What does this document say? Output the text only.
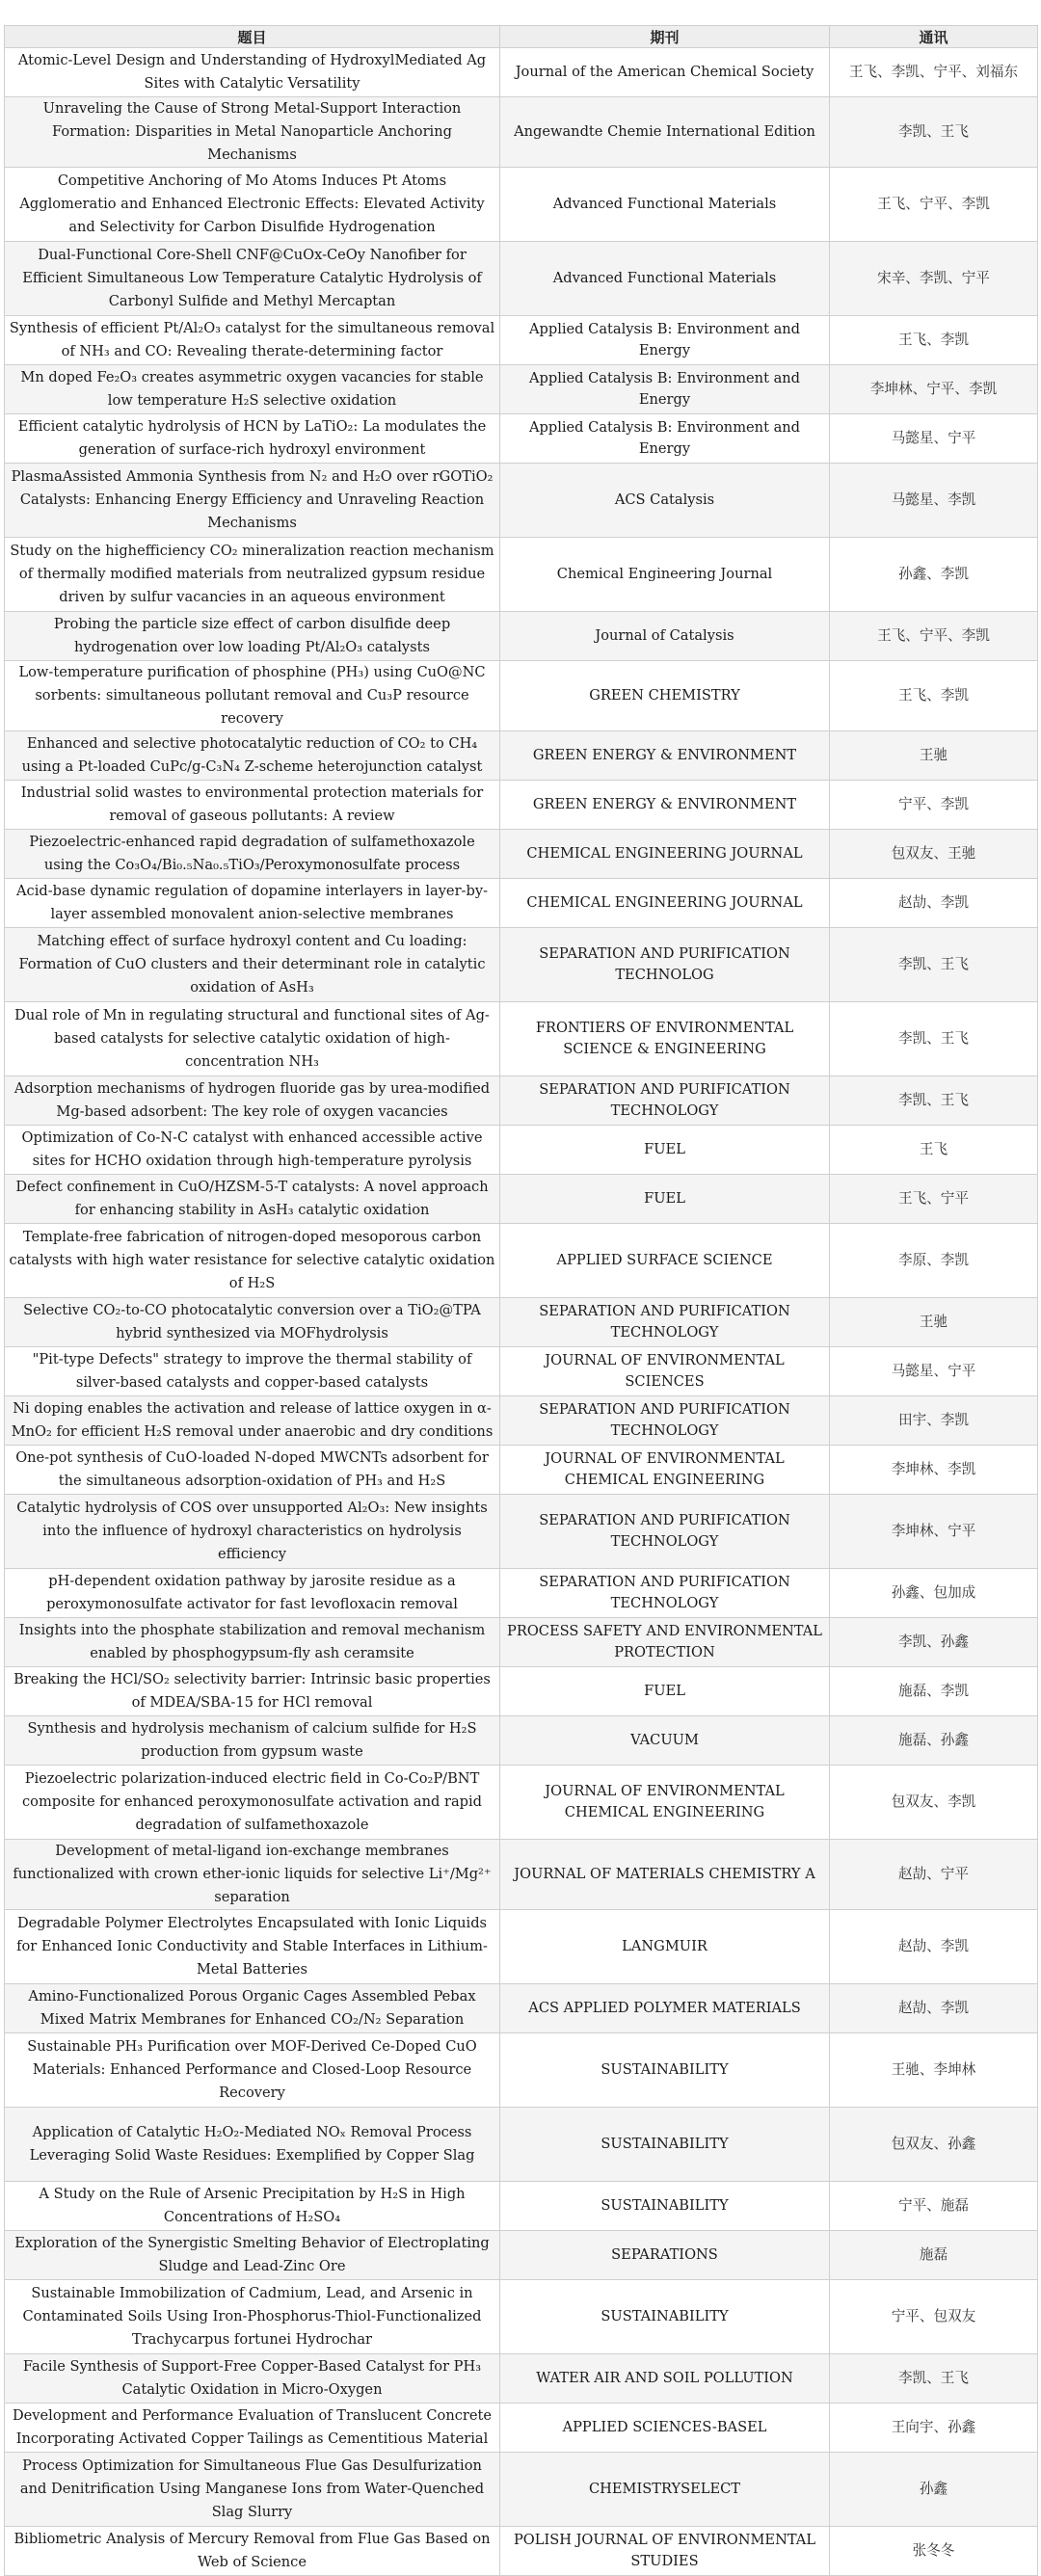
题目	期刊	通讯
Atomic-Level Design and Understanding of HydroxylMediated Ag Sites with Catalytic Versatility	Journal of the American Chemical Society	王飞、李凯、宁平、刘福东
Unraveling the Cause of Strong Metal-Support Interaction Formation: Disparities in Metal Nanoparticle Anchoring Mechanisms	Angewandte Chemie International Edition	李凯、王飞
Competitive Anchoring of Mo Atoms Induces Pt Atoms Agglomeratio and Enhanced Electronic Effects: Elevated Activity and Selectivity for Carbon Disulfide Hydrogenation	Advanced Functional Materials	王飞、宁平、李凯
Dual-Functional Core-Shell CNF@CuOx-CeOy Nanofiber for Efficient Simultaneous Low Temperature Catalytic Hydrolysis of Carbonyl Sulfide and Methyl Mercaptan	Advanced Functional Materials	宋辛、李凯、宁平
Synthesis of efficient Pt/Al₂O₃ catalyst for the simultaneous removal of NH₃ and CO: Revealing therate-determining factor	Applied Catalysis B: Environment and Energy	王飞、李凯
Mn doped Fe₂O₃ creates asymmetric oxygen vacancies for stable low temperature H₂S selective oxidation	Applied Catalysis B: Environment and Energy	李坤林、宁平、李凯
Efficient catalytic hydrolysis of HCN by LaTiO₂: La modulates the generation of surface-rich hydroxyl environment	Applied Catalysis B: Environment and Energy	马懿星、宁平
PlasmaAssisted Ammonia Synthesis from N₂ and H₂O over rGOTiO₂ Catalysts: Enhancing Energy Efficiency and Unraveling Reaction Mechanisms	ACS Catalysis	马懿星、李凯
Study on the highefficiency CO₂ mineralization reaction mechanism of thermally modified materials from neutralized gypsum residue driven by sulfur vacancies in an aqueous environment	Chemical Engineering Journal	孙鑫、李凯
Probing the particle size effect of carbon disulfide deep hydrogenation over low loading Pt/Al₂O₃ catalysts	Journal of Catalysis	王飞、宁平、李凯
Low-temperature purification of phosphine (PH₃) using CuO@NC sorbents: simultaneous pollutant removal and Cu₃P resource recovery	GREEN CHEMISTRY	王飞、李凯
Enhanced and selective photocatalytic reduction of CO₂ to CH₄ using a Pt-loaded CuPc/g-C₃N₄ Z-scheme heterojunction catalyst	GREEN ENERGY & ENVIRONMENT	王驰
Industrial solid wastes to environmental protection materials for removal of gaseous pollutants: A review	GREEN ENERGY & ENVIRONMENT	宁平、李凯
Piezoelectric-enhanced rapid degradation of sulfamethoxazole using the Co₃O₄/Bi₀.₅Na₀.₅TiO₃/Peroxymonosulfate process	CHEMICAL ENGINEERING JOURNAL	包双友、王驰
Acid-base dynamic regulation of dopamine interlayers in layer-by-layer assembled monovalent anion-selective membranes	CHEMICAL ENGINEERING JOURNAL	赵劼、李凯
Matching effect of surface hydroxyl content and Cu loading: Formation of CuO clusters and their determinant role in catalytic oxidation of AsH₃	SEPARATION AND PURIFICATION TECHNOLOG	李凯、王飞
Dual role of Mn in regulating structural and functional sites of Ag-based catalysts for selective catalytic oxidation of high-concentration NH₃	FRONTIERS OF ENVIRONMENTAL SCIENCE & ENGINEERING	李凯、王飞
Adsorption mechanisms of hydrogen fluoride gas by urea-modified Mg-based adsorbent: The key role of oxygen vacancies	SEPARATION AND PURIFICATION TECHNOLOGY	李凯、王飞
Optimization of Co-N-C catalyst with enhanced accessible active sites for HCHO oxidation through high-temperature pyrolysis	FUEL	王飞
Defect confinement in CuO/HZSM-5-T catalysts: A novel approach for enhancing stability in AsH₃ catalytic oxidation	FUEL	王飞、宁平
Template-free fabrication of nitrogen-doped mesoporous carbon catalysts with high water resistance for selective catalytic oxidation of H₂S	APPLIED SURFACE SCIENCE	李原、李凯
Selective CO₂-to-CO photocatalytic conversion over a TiO₂@TPA hybrid synthesized via MOFhydrolysis	SEPARATION AND PURIFICATION TECHNOLOGY	王驰
"Pit-type Defects" strategy to improve the thermal stability of silver-based catalysts and copper-based catalysts	JOURNAL OF ENVIRONMENTAL SCIENCES	马懿星、宁平
Ni doping enables the activation and release of lattice oxygen in α-MnO₂ for efficient H₂S removal under anaerobic and dry conditions	SEPARATION AND PURIFICATION TECHNOLOGY	田宇、李凯
One-pot synthesis of CuO-loaded N-doped MWCNTs adsorbent for the simultaneous adsorption-oxidation of PH₃ and H₂S	JOURNAL OF ENVIRONMENTAL CHEMICAL ENGINEERING	李坤林、李凯
Catalytic hydrolysis of COS over unsupported Al₂O₃: New insights into the influence of hydroxyl characteristics on hydrolysis efficiency	SEPARATION AND PURIFICATION TECHNOLOGY	李坤林、宁平
pH-dependent oxidation pathway by jarosite residue as a peroxymonosulfate activator for fast levofloxacin removal	SEPARATION AND PURIFICATION TECHNOLOGY	孙鑫、包加成
Insights into the phosphate stabilization and removal mechanism enabled by phosphogypsum-fly ash ceramsite	PROCESS SAFETY AND ENVIRONMENTAL PROTECTION	李凯、孙鑫
Breaking the HCl/SO₂ selectivity barrier: Intrinsic basic properties of MDEA/SBA-15 for HCl removal	FUEL	施磊、李凯
Synthesis and hydrolysis mechanism of calcium sulfide for H₂S production from gypsum waste	VACUUM	施磊、孙鑫
Piezoelectric polarization-induced electric field in Co-Co₂P/BNT composite for enhanced peroxymonosulfate activation and rapid degradation of sulfamethoxazole	JOURNAL OF ENVIRONMENTAL CHEMICAL ENGINEERING	包双友、李凯
Development of metal-ligand ion-exchange membranes functionalized with crown ether-ionic liquids for selective Li⁺/Mg²⁺ separation	JOURNAL OF MATERIALS CHEMISTRY A	赵劼、宁平
Degradable Polymer Electrolytes Encapsulated with Ionic Liquids for Enhanced Ionic Conductivity and Stable Interfaces in Lithium-Metal Batteries	LANGMUIR	赵劼、李凯
Amino-Functionalized Porous Organic Cages Assembled Pebax Mixed Matrix Membranes for Enhanced CO₂/N₂ Separation	ACS APPLIED POLYMER MATERIALS	赵劼、李凯
Sustainable PH₃ Purification over MOF-Derived Ce-Doped CuO Materials: Enhanced Performance and Closed-Loop Resource Recovery	SUSTAINABILITY	王驰、李坤林
Application of Catalytic H₂O₂-Mediated NOₓ Removal Process Leveraging Solid Waste Residues: Exemplified by Copper Slag	SUSTAINABILITY	包双友、孙鑫
A Study on the Rule of Arsenic Precipitation by H₂S in High Concentrations of H₂SO₄	SUSTAINABILITY	宁平、施磊
Exploration of the Synergistic Smelting Behavior of Electroplating Sludge and Lead-Zinc Ore	SEPARATIONS	施磊
Sustainable Immobilization of Cadmium, Lead, and Arsenic in Contaminated Soils Using Iron-Phosphorus-Thiol-Functionalized Trachycarpus fortunei Hydrochar	SUSTAINABILITY	宁平、包双友
Facile Synthesis of Support-Free Copper-Based Catalyst for PH₃ Catalytic Oxidation in Micro-Oxygen	WATER AIR AND SOIL POLLUTION	李凯、王飞
Development and Performance Evaluation of Translucent Concrete Incorporating Activated Copper Tailings as Cementitious Material	APPLIED SCIENCES-BASEL	王向宇、孙鑫
Process Optimization for Simultaneous Flue Gas Desulfurization and Denitrification Using Manganese Ions from Water-Quenched Slag Slurry	CHEMISTRYSELECT	孙鑫
Bibliometric Analysis of Mercury Removal from Flue Gas Based on Web of Science	POLISH JOURNAL OF ENVIRONMENTAL STUDIES	张冬冬
